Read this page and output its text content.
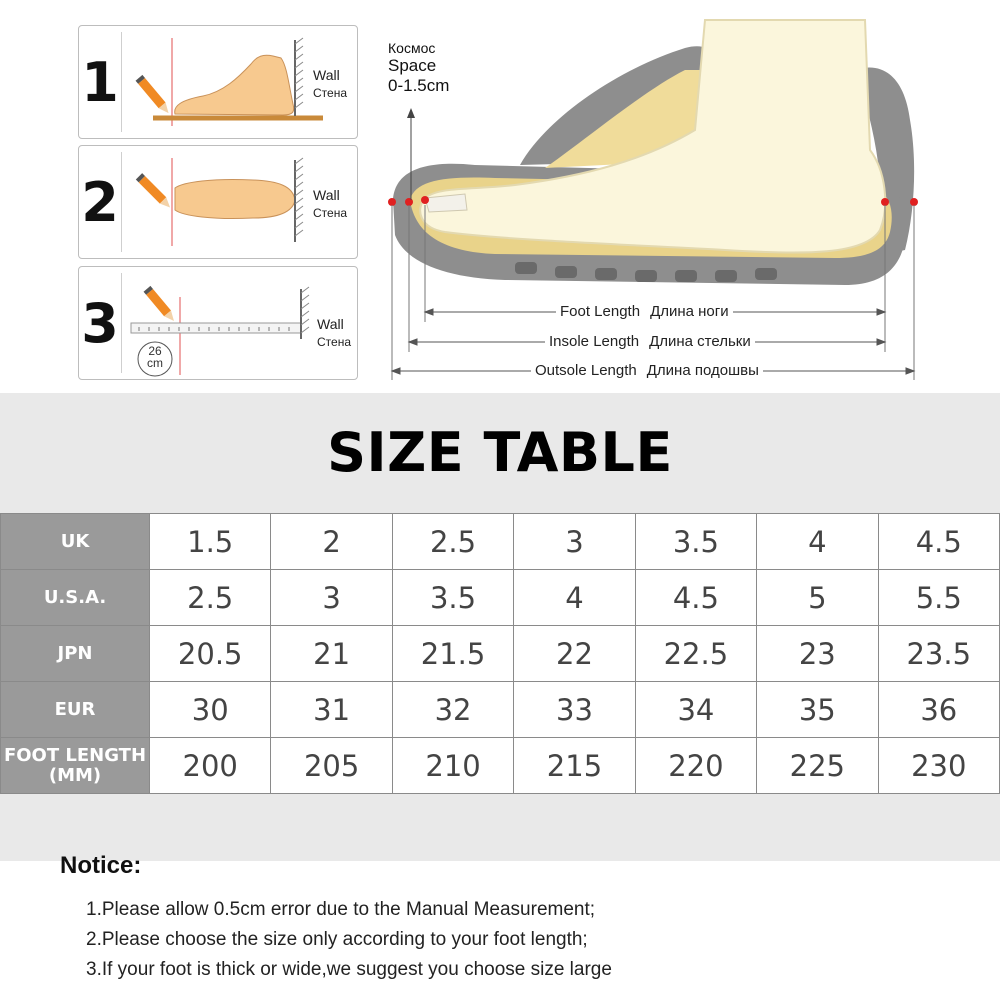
1	Wall
Стена
2	Wall
Стена
3	26
cm
Wall
Стена
Космос
Space
0-1.5cm
Foot Length Длина ноги
Insole Length Длина стельки
Outsole Length Длина подошвы
SIZE TABLE
UK	1.5	2	2.5	3	3.5	4	4.5
U.S.A.	2.5	3	3.5	4	4.5	5	5.5
JPN	20.5	21	21.5	22	22.5	23	23.5
EUR	30	31	32	33	34	35	36

FOOT LENGTH
(MM)	200	205	210	215	220	225	230
Notice:
1.Please allow 0.5cm error due to the Manual Measurement;
2.Please choose the size only according to your foot length;
3.If your foot is thick or wide,we suggest you choose size large
